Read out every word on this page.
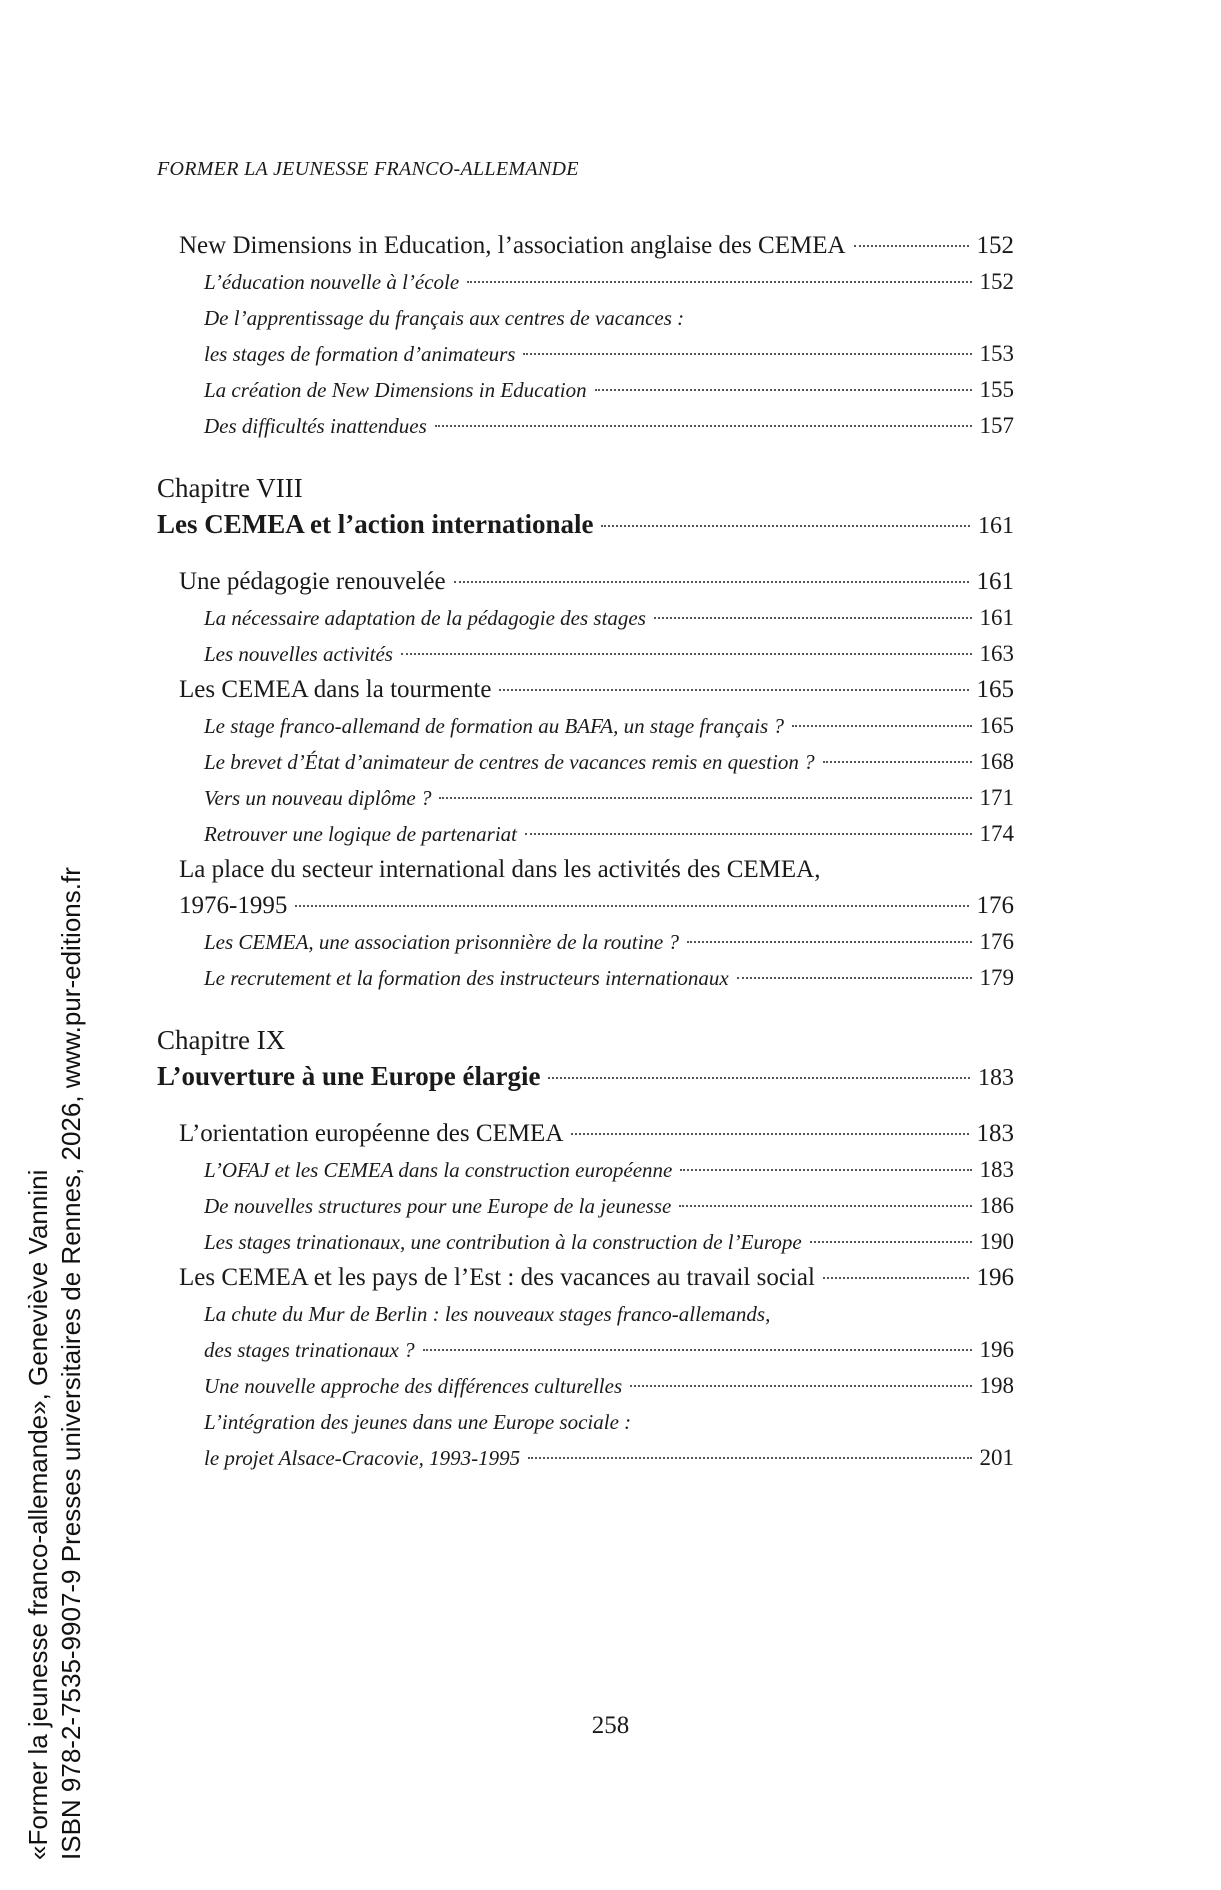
FORMER LA JEUNESSE FRANCO-ALLEMANDE
New Dimensions in Education, l’association anglaise des CEMEA	152
L’éducation nouvelle à l’école	152
De l’apprentissage du français aux centres de vacances :
les stages de formation d’animateurs	153
La création de New Dimensions in Education	155
Des difficultés inattendues	157
Chapitre VIII
Les CEMEA et l’action internationale	161
Une pédagogie renouvelée	161
La nécessaire adaptation de la pédagogie des stages	161
Les nouvelles activités	163
Les CEMEA dans la tourmente	165
Le stage franco-allemand de formation au BAFA, un stage français ?	165
Le brevet d’État d’animateur de centres de vacances remis en question ?	168
Vers un nouveau diplôme ?	171
Retrouver une logique de partenariat	174
La place du secteur international dans les activités des CEMEA,
1976-1995	176
Les CEMEA, une association prisonnière de la routine ?	176
Le recrutement et la formation des instructeurs internationaux	179
Chapitre IX
L’ouverture à une Europe élargie	183
L’orientation européenne des CEMEA	183
L’OFAJ et les CEMEA dans la construction européenne	183
De nouvelles structures pour une Europe de la jeunesse	186
Les stages trinationaux, une contribution à la construction de l’Europe	190
Les CEMEA et les pays de l’Est : des vacances au travail social	196
La chute du Mur de Berlin : les nouveaux stages franco-allemands,
des stages trinationaux ?	196
Une nouvelle approche des différences culturelles	198
L’intégration des jeunes dans une Europe sociale :
le projet Alsace-Cracovie, 1993-1995	201
258
«Former la jeunesse franco-allemande», Geneviève Vannini ISBN 978-2-7535-9907-9 Presses universitaires de Rennes, 2026, www.pur-editions.fr
